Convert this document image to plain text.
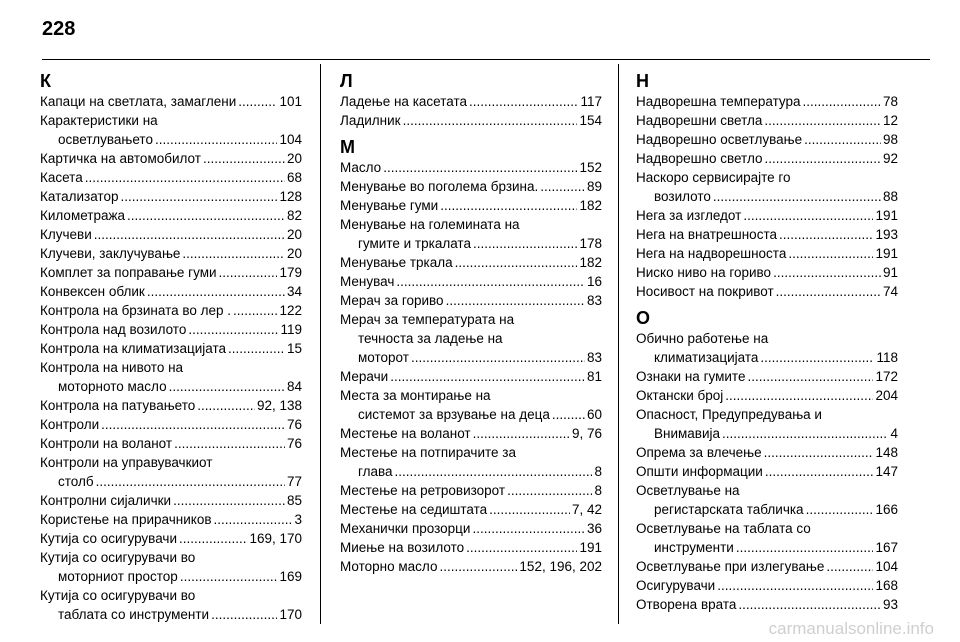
228
К
Капаци на светлата, замаглени .....	101
Карактеристики на
осветлувањето .....	104
Картичка на автомобилот .....	20
Касета .....	68
Катализатор .....	128
Километража .....	82
Клучеви .....	20
Клучеви, заклучување .....	20
Комплет за поправање гуми .....	179
Конвексен облик .....	34
Контрола на брзината во лер . .....	122
Контрола над возилото .....	119
Контрола на климатизацијата .....	15
Контрола на нивото на
моторното масло .....	84
Контрола на патувањето .....	92, 138
Контроли .....	76
Контроли на воланот .....	76
Контроли на управувачкиот
столб .....	77
Контролни сијалички .....	85
Користење на прирачников .....	3
Кутија со осигурувачи .....	169, 170
Кутија со осигурувачи во
моторниот простор .....	169
Кутија со осигурувачи во
таблата со инструменти .....	170
Л
Ладење на касетата .....	117
Ладилник .....	154
М
Масло .....	152
Менување во поголема брзина. .....	89
Менување гуми .....	182
Менување на големината на
гумите и тркалата .....	178
Менување тркала .....	182
Менувач .....	16
Мерач за гориво .....	83
Мерач за температурата на
течноста за ладење на
моторот .....	83
Мерачи .....	81
Места за монтирање на
системот за врзување на деца .....	60
Местење на воланот .....	9, 76
Местење на потпирачите за
глава .....	8
Местење на ретровизорот .....	8
Местење на седиштата .....	7, 42
Механички прозорци .....	36
Миење на возилото .....	191
Моторно масло .....	152, 196, 202
Н
Надворешна температура .....	78
Надворешни светла .....	12
Надворешно осветлување .....	98
Надворешно светло .....	92
Наскоро сервисирајте го
возилото .....	88
Нега за изгледот .....	191
Нега на внатрешноста .....	193
Нега на надворешноста .....	191
Ниско ниво на гориво .....	91
Носивост на покривот .....	74
О
Обично работење на
климатизацијата .....	118
Ознаки на гумите .....	172
Октански број .....	204
Опасност, Предупредувања и
Внимавија .....	4
Опрема за влечење .....	148
Општи информации .....	147
Осветлување на
регистарската табличка .....	166
Осветлување на таблата со
инструменти .....	167
Осветлување при излегување .....	104
Осигурувачи .....	168
Отворена врата .....	93
carmanualsonline.info
